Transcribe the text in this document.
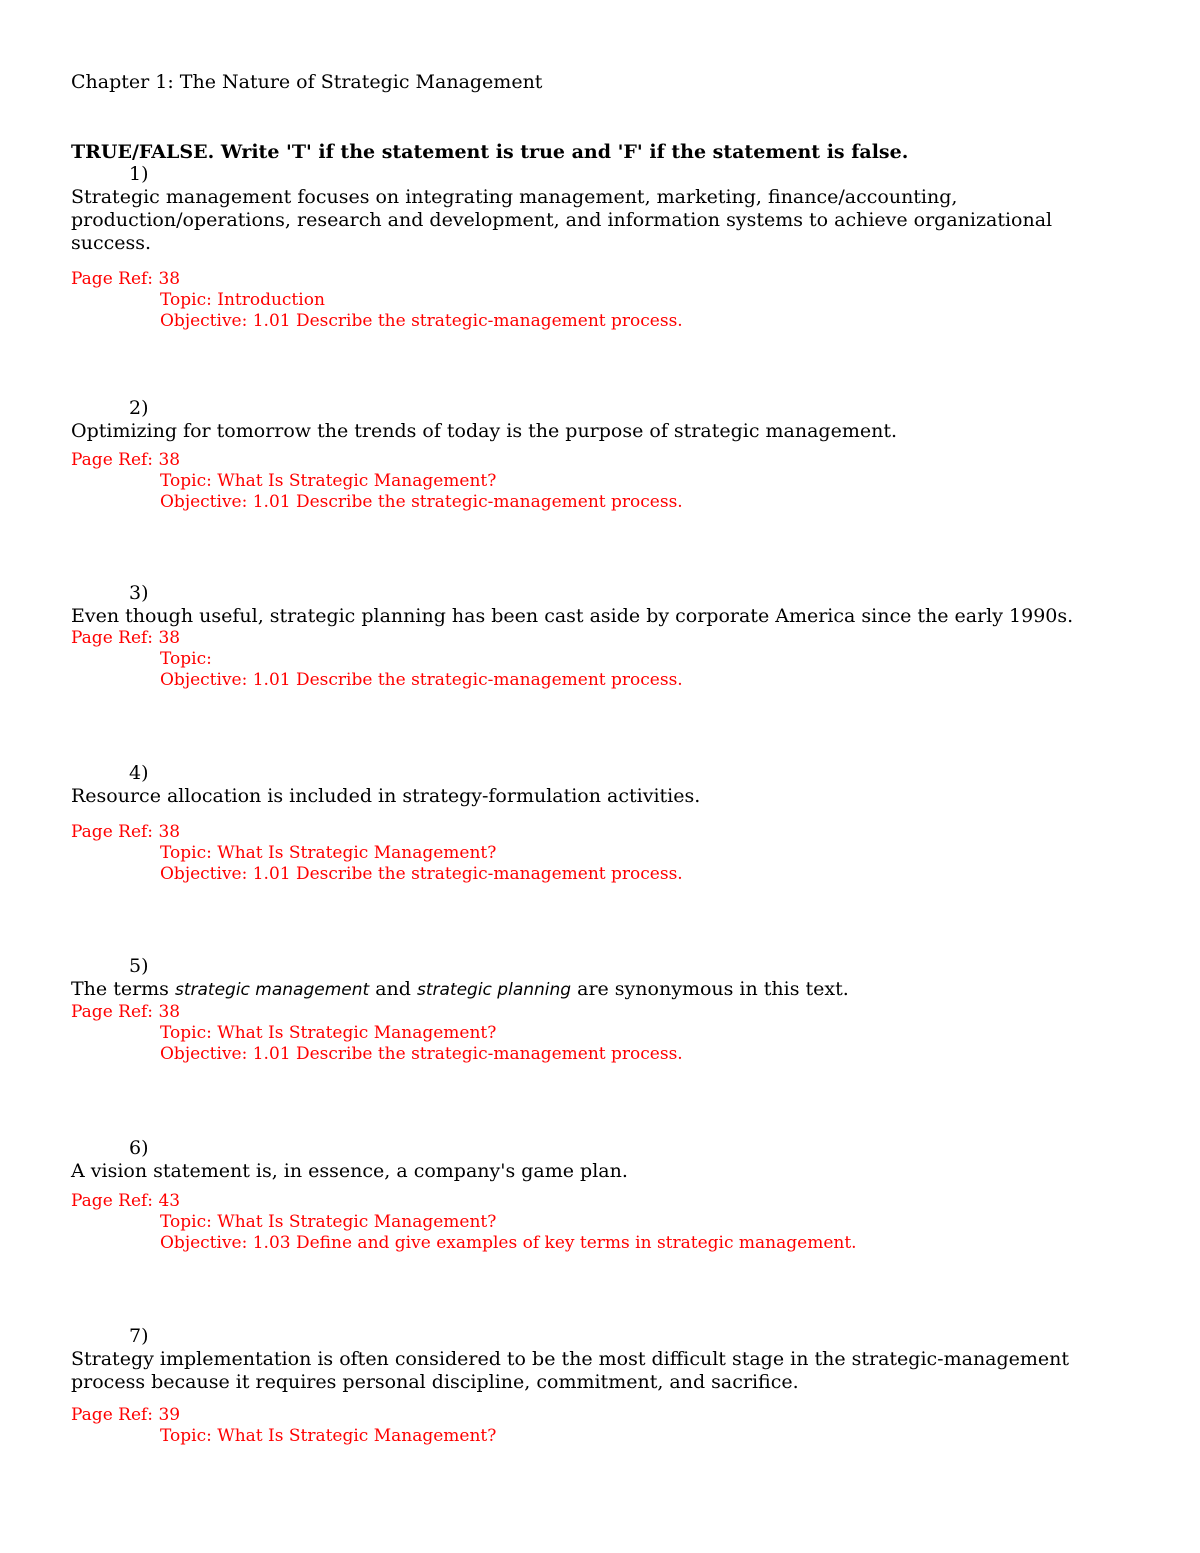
Chapter 1: The Nature of Strategic Management
TRUE/FALSE. Write 'T' if the statement is true and 'F' if the statement is false.
1)
Strategic management focuses on integrating management, marketing, finance/accounting, production/operations, research and development, and information systems to achieve organizational success.
Page Ref: 38
Topic: Introduction
Objective: 1.01 Describe the strategic-management process.
2)
Optimizing for tomorrow the trends of today is the purpose of strategic management.
Page Ref: 38
Topic: What Is Strategic Management?
Objective: 1.01 Describe the strategic-management process.
3)
Even though useful, strategic planning has been cast aside by corporate America since the early 1990s.
Page Ref: 38
Topic:
Objective: 1.01 Describe the strategic-management process.
4)
Resource allocation is included in strategy-formulation activities.
Page Ref: 38
Topic: What Is Strategic Management?
Objective: 1.01 Describe the strategic-management process.
5)
The terms strategic management and strategic planning are synonymous in this text.
Page Ref: 38
Topic: What Is Strategic Management?
Objective: 1.01 Describe the strategic-management process.
6)
A vision statement is, in essence, a company's game plan.
Page Ref: 43
Topic: What Is Strategic Management?
Objective: 1.03 Define and give examples of key terms in strategic management.
7)
Strategy implementation is often considered to be the most difficult stage in the strategic-management process because it requires personal discipline, commitment, and sacrifice.
Page Ref: 39
Topic: What Is Strategic Management?
